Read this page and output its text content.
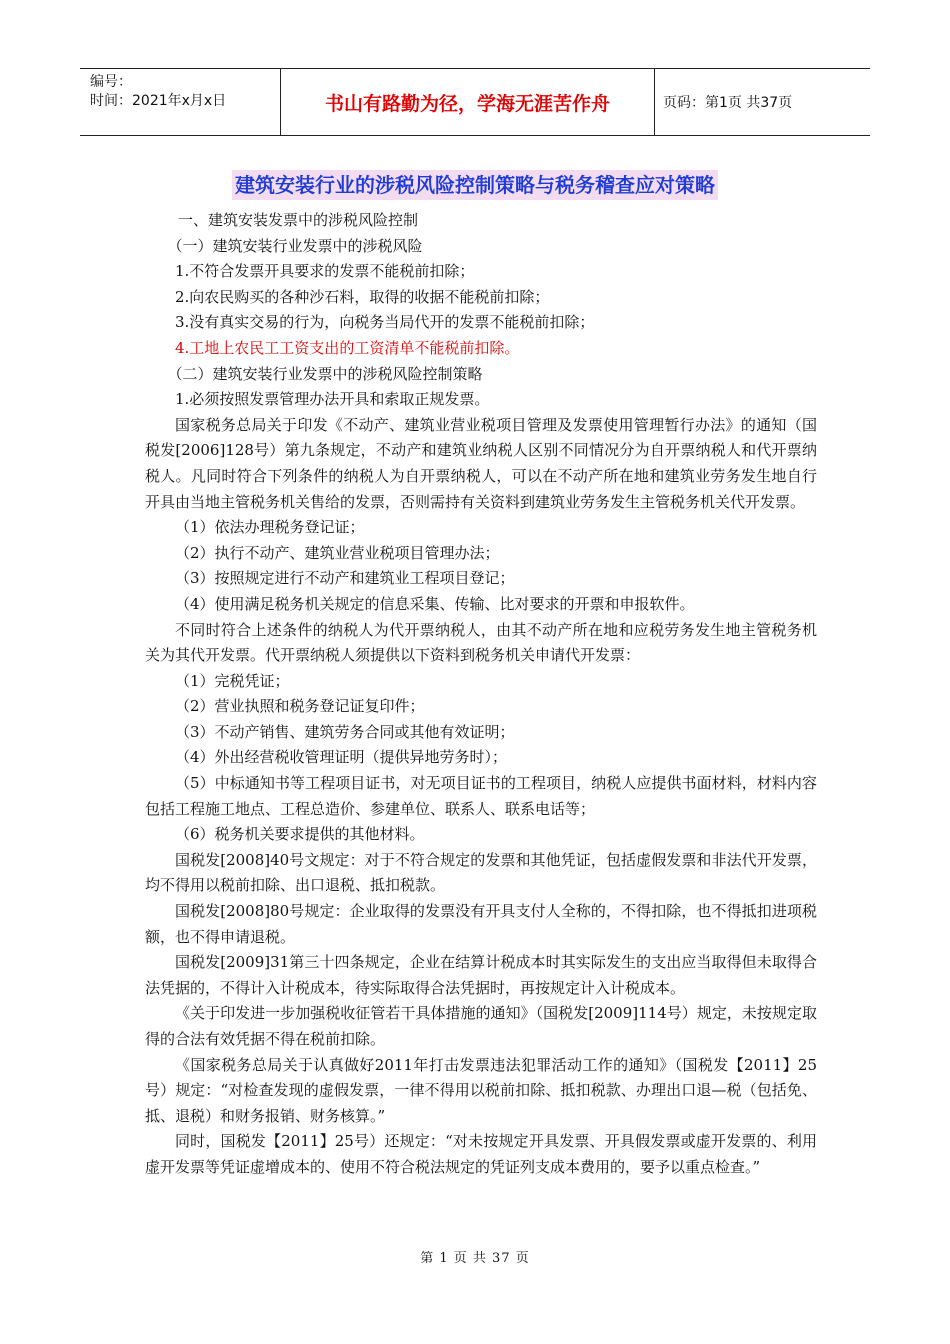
编号：
时间：2021年x月x日	书山有路勤为径，学海无涯苦作舟	页码：第1页 共37页
建筑安装行业的涉税风险控制策略与税务稽查应对策略

一、建筑安装发票中的涉税风险控制

（一）建筑安装行业发票中的涉税风险

1.不符合发票开具要求的发票不能税前扣除；

2.向农民购买的各种沙石料，取得的收据不能税前扣除；

3.没有真实交易的行为，向税务当局代开的发票不能税前扣除；

4.工地上农民工工资支出的工资清单不能税前扣除。

（二）建筑安装行业发票中的涉税风险控制策略

1.必须按照发票管理办法开具和索取正规发票。

国家税务总局关于印发《不动产、建筑业营业税项目管理及发票使用管理暂行办法》的通知（国税发[2006]128号）第九条规定，不动产和建筑业纳税人区别不同情况分为自开票纳税人和代开票纳税人。凡同时符合下列条件的纳税人为自开票纳税人，可以在不动产所在地和建筑业劳务发生地自行开具由当地主管税务机关售给的发票，否则需持有关资料到建筑业劳务发生主管税务机关代开发票。

（1）依法办理税务登记证；

（2）执行不动产、建筑业营业税项目管理办法；

（3）按照规定进行不动产和建筑业工程项目登记；

（4）使用满足税务机关规定的信息采集、传输、比对要求的开票和申报软件。

不同时符合上述条件的纳税人为代开票纳税人，由其不动产所在地和应税劳务发生地主管税务机关为其代开发票。代开票纳税人须提供以下资料到税务机关申请代开发票：

（1）完税凭证；

（2）营业执照和税务登记证复印件；

（3）不动产销售、建筑劳务合同或其他有效证明；

（4）外出经营税收管理证明（提供异地劳务时）；

（5）中标通知书等工程项目证书，对无项目证书的工程项目，纳税人应提供书面材料，材料内容包括工程施工地点、工程总造价、参建单位、联系人、联系电话等；

（6）税务机关要求提供的其他材料。

国税发[2008]40号文规定：对于不符合规定的发票和其他凭证，包括虚假发票和非法代开发票，均不得用以税前扣除、出口退税、抵扣税款。

国税发[2008]80号规定：企业取得的发票没有开具支付人全称的，不得扣除，也不得抵扣进项税额，也不得申请退税。

国税发[2009]31第三十四条规定，企业在结算计税成本时其实际发生的支出应当取得但未取得合法凭据的，不得计入计税成本，待实际取得合法凭据时，再按规定计入计税成本。

《关于印发进一步加强税收征管若干具体措施的通知》（国税发[2009]114号）规定，未按规定取得的合法有效凭据不得在税前扣除。

《国家税务总局关于认真做好2011年打击发票违法犯罪活动工作的通知》（国税发【2011】25号）规定：“对检查发现的虚假发票，一律不得用以税前扣除、抵扣税款、办理出口退—税（包括免、抵、退税）和财务报销、财务核算。”

同时，国税发【2011】25号）还规定：“对未按规定开具发票、开具假发票或虚开发票的、利用虚开发票等凭证虚增成本的、使用不符合税法规定的凭证列支成本费用的，要予以重点检查。”

第 1 页 共 37 页
